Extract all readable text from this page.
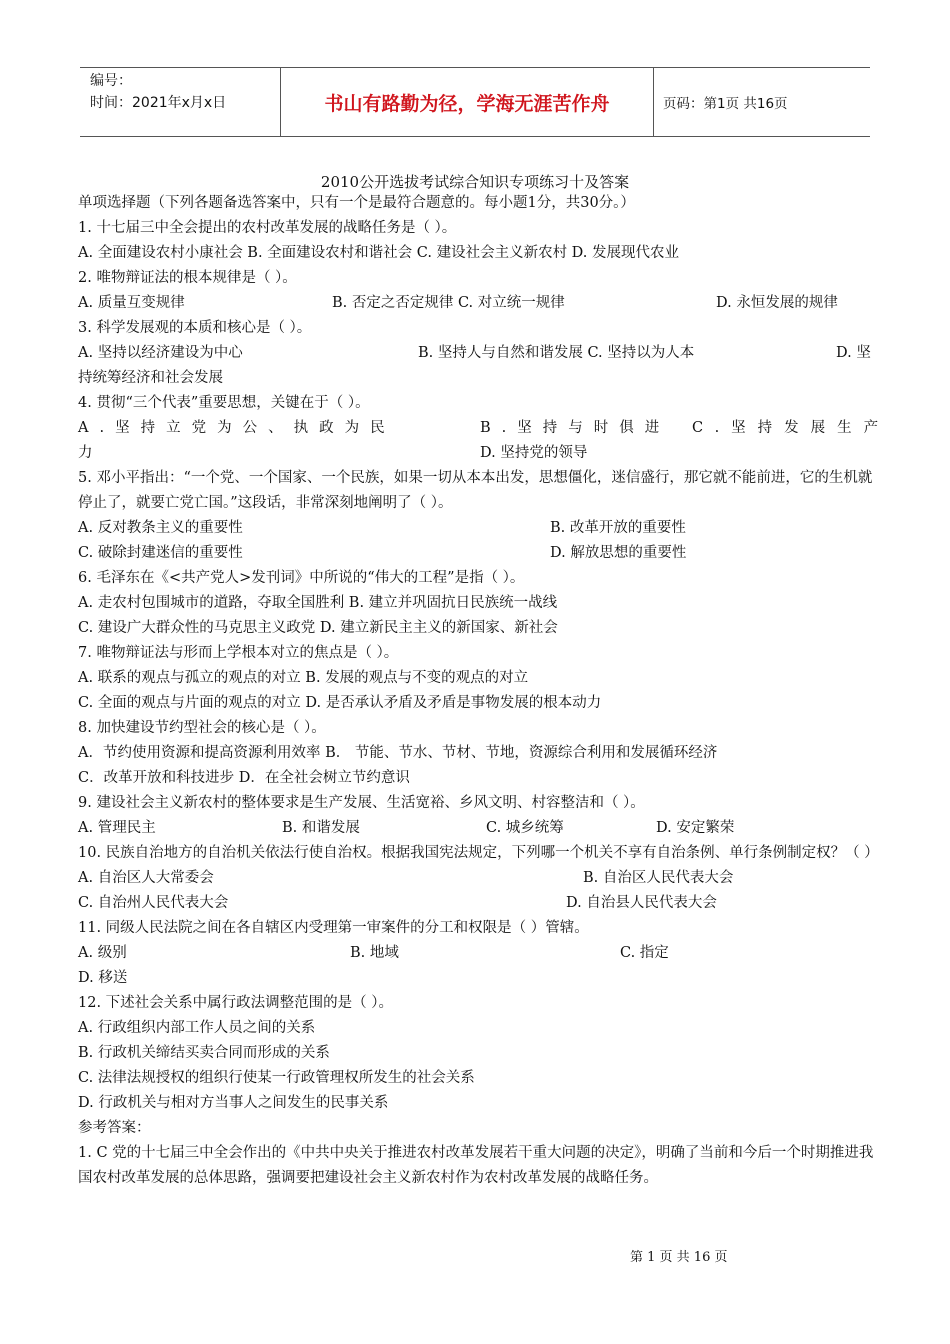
编号：
时间：2021年x月x日	书山有路勤为径，学海无涯苦作舟	页码：第1页 共16页
2010公开选拔考试综合知识专项练习十及答案
单项选择题（下列各题备选答案中，只有一个是最符合题意的。每小题1分，共30分。）
1. 十七届三中全会提出的农村改革发展的战略任务是（ ）。
A. 全面建设农村小康社会 B. 全面建设农村和谐社会 C. 建设社会主义新农村 D. 发展现代农业
2. 唯物辩证法的根本规律是（ ）。
A. 质量互变规律	B. 否定之否定规律 C. 对立统一规律	D. 永恒发展的规律
3. 科学发展观的本质和核心是（ ）。
A. 坚持以经济建设为中心	B. 坚持人与自然和谐发展 C. 坚持以为人本	D. 坚
持统筹经济和社会发展
4. 贯彻“三个代表”重要思想，关键在于（ ）。
A.坚持立党为公、执政为民	B.坚持与时俱进 C.坚持发展生产
力	D. 坚持党的领导
5. 邓小平指出：“一个党、一个国家、一个民族，如果一切从本本出发，思想僵化，迷信盛行，那它就不能前进，它的生机就停止了，就要亡党亡国。”这段话，非常深刻地阐明了（ ）。
A. 反对教条主义的重要性	B. 改革开放的重要性
C. 破除封建迷信的重要性	D. 解放思想的重要性
6. 毛泽东在《<共产党人>发刊词》中所说的“伟大的工程”是指（ ）。
A. 走农村包围城市的道路，夺取全国胜利 B. 建立并巩固抗日民族统一战线
C. 建设广大群众性的马克思主义政党 D. 建立新民主主义的新国家、新社会
7. 唯物辩证法与形而上学根本对立的焦点是（ ）。
A. 联系的观点与孤立的观点的对立 B. 发展的观点与不变的观点的对立
C. 全面的观点与片面的观点的对立 D. 是否承认矛盾及矛盾是事物发展的根本动力
8. 加快建设节约型社会的核心是（ ）。
A．节约使用资源和提高资源利用效率 B． 节能、节水、节材、节地，资源综合利用和发展循环经济
C．改革开放和科技进步 D．在全社会树立节约意识
9. 建设社会主义新农村的整体要求是生产发展、生活宽裕、乡风文明、村容整洁和（ ）。
A. 管理民主	B. 和谐发展	C. 城乡统筹	D. 安定繁荣
10. 民族自治地方的自治机关依法行使自治权。根据我国宪法规定，下列哪一个机关不享有自治条例、单行条例制定权？（ ）
A. 自治区人大常委会	B. 自治区人民代表大会
C. 自治州人民代表大会	D. 自治县人民代表大会
11. 同级人民法院之间在各自辖区内受理第一审案件的分工和权限是（ ）管辖。
A. 级别	B. 地域	C. 指定
D. 移送
12. 下述社会关系中属行政法调整范围的是（ ）。
A. 行政组织内部工作人员之间的关系
B. 行政机关缔结买卖合同而形成的关系
C. 法律法规授权的组织行使某一行政管理权所发生的社会关系
D. 行政机关与相对方当事人之间发生的民事关系
参考答案：
1. C 党的十七届三中全会作出的《中共中央关于推进农村改革发展若干重大问题的决定》，明确了当前和今后一个时期推进我国农村改革发展的总体思路，强调要把建设社会主义新农村作为农村改革发展的战略任务。
第 1 页 共 16 页
